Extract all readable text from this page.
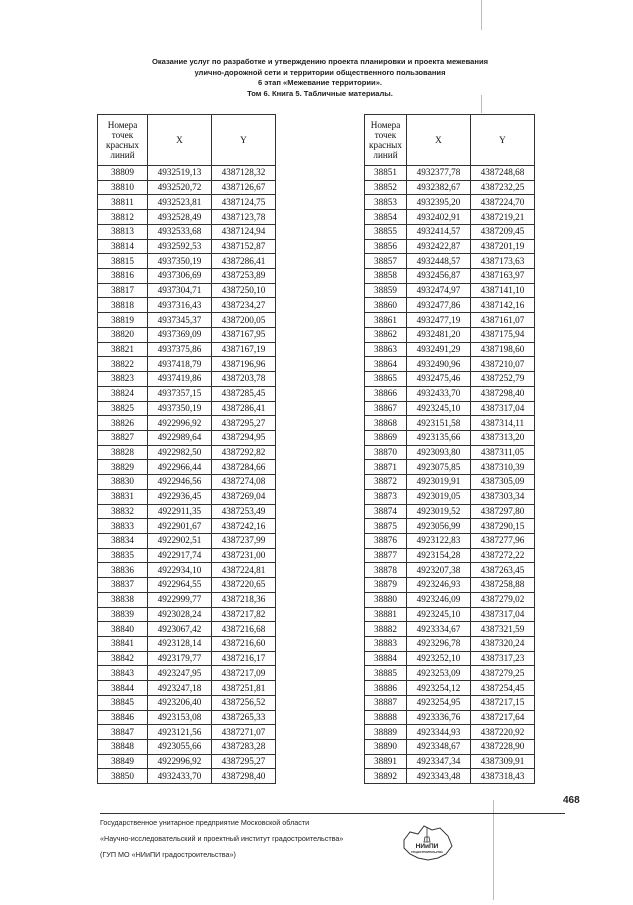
Оказание услуг по разработке и утверждению проекта планировки и проекта межевания
улично-дорожной сети и территории общественного пользования
6 этап «Межевание территории».
Том 6. Книга 5. Табличные материалы.
Номера точек красных линий	X	Y
38809	4932519,13	4387128,32
38810	4932520,72	4387126,67
38811	4932523,81	4387124,75
38812	4932528,49	4387123,78
38813	4932533,68	4387124,94
38814	4932592,53	4387152,87
38815	4937350,19	4387286,41
38816	4937306,69	4387253,89
38817	4937304,71	4387250,10
38818	4937316,43	4387234,27
38819	4937345,37	4387200,05
38820	4937369,09	4387167,95
38821	4937375,86	4387167,19
38822	4937418,79	4387196,96
38823	4937419,86	4387203,78
38824	4937357,15	4387285,45
38825	4937350,19	4387286,41
38826	4922996,92	4387295,27
38827	4922989,64	4387294,95
38828	4922982,50	4387292,82
38829	4922966,44	4387284,66
38830	4922946,56	4387274,08
38831	4922936,45	4387269,04
38832	4922911,35	4387253,49
38833	4922901,67	4387242,16
38834	4922902,51	4387237,99
38835	4922917,74	4387231,00
38836	4922934,10	4387224,81
38837	4922964,55	4387220,65
38838	4922999,77	4387218,36
38839	4923028,24	4387217,82
38840	4923067,42	4387216,68
38841	4923128,14	4387216,60
38842	4923179,77	4387216,17
38843	4923247,95	4387217,09
38844	4923247,18	4387251,81
38845	4923206,40	4387256,52
38846	4923153,08	4387265,33
38847	4923121,56	4387271,07
38848	4923055,66	4387283,28
38849	4922996,92	4387295,27
38850	4932433,70	4387298,40
Номера точек красных линий	X	Y
38851	4932377,78	4387248,68
38852	4932382,67	4387232,25
38853	4932395,20	4387224,70
38854	4932402,91	4387219,21
38855	4932414,57	4387209,45
38856	4932422,87	4387201,19
38857	4932448,57	4387173,63
38858	4932456,87	4387163,97
38859	4932474,97	4387141,10
38860	4932477,86	4387142,16
38861	4932477,19	4387161,07
38862	4932481,20	4387175,94
38863	4932491,29	4387198,60
38864	4932490,96	4387210,07
38865	4932475,46	4387252,79
38866	4932433,70	4387298,40
38867	4923245,10	4387317,04
38868	4923151,58	4387314,11
38869	4923135,66	4387313,20
38870	4923093,80	4387311,05
38871	4923075,85	4387310,39
38872	4923019,91	4387305,09
38873	4923019,05	4387303,34
38874	4923019,52	4387297,80
38875	4923056,99	4387290,15
38876	4923122,83	4387277,96
38877	4923154,28	4387272,22
38878	4923207,38	4387263,45
38879	4923246,93	4387258,88
38880	4923246,09	4387279,02
38881	4923245,10	4387317,04
38882	4923334,67	4387321,59
38883	4923296,78	4387320,24
38884	4923252,10	4387317,23
38885	4923253,09	4387279,25
38886	4923254,12	4387254,45
38887	4923254,95	4387217,15
38888	4923336,76	4387217,64
38889	4923344,93	4387220,92
38890	4923348,67	4387228,90
38891	4923347,34	4387309,91
38892	4923343,48	4387318,43
468
Государственное унитарное предприятие Московской области
«Научно-исследовательский и проектный институт градостроительства»
(ГУП МО «НИиПИ градостроительства»)
НИиПИ
ГРАДОСТРОИТЕЛЬСТВА
